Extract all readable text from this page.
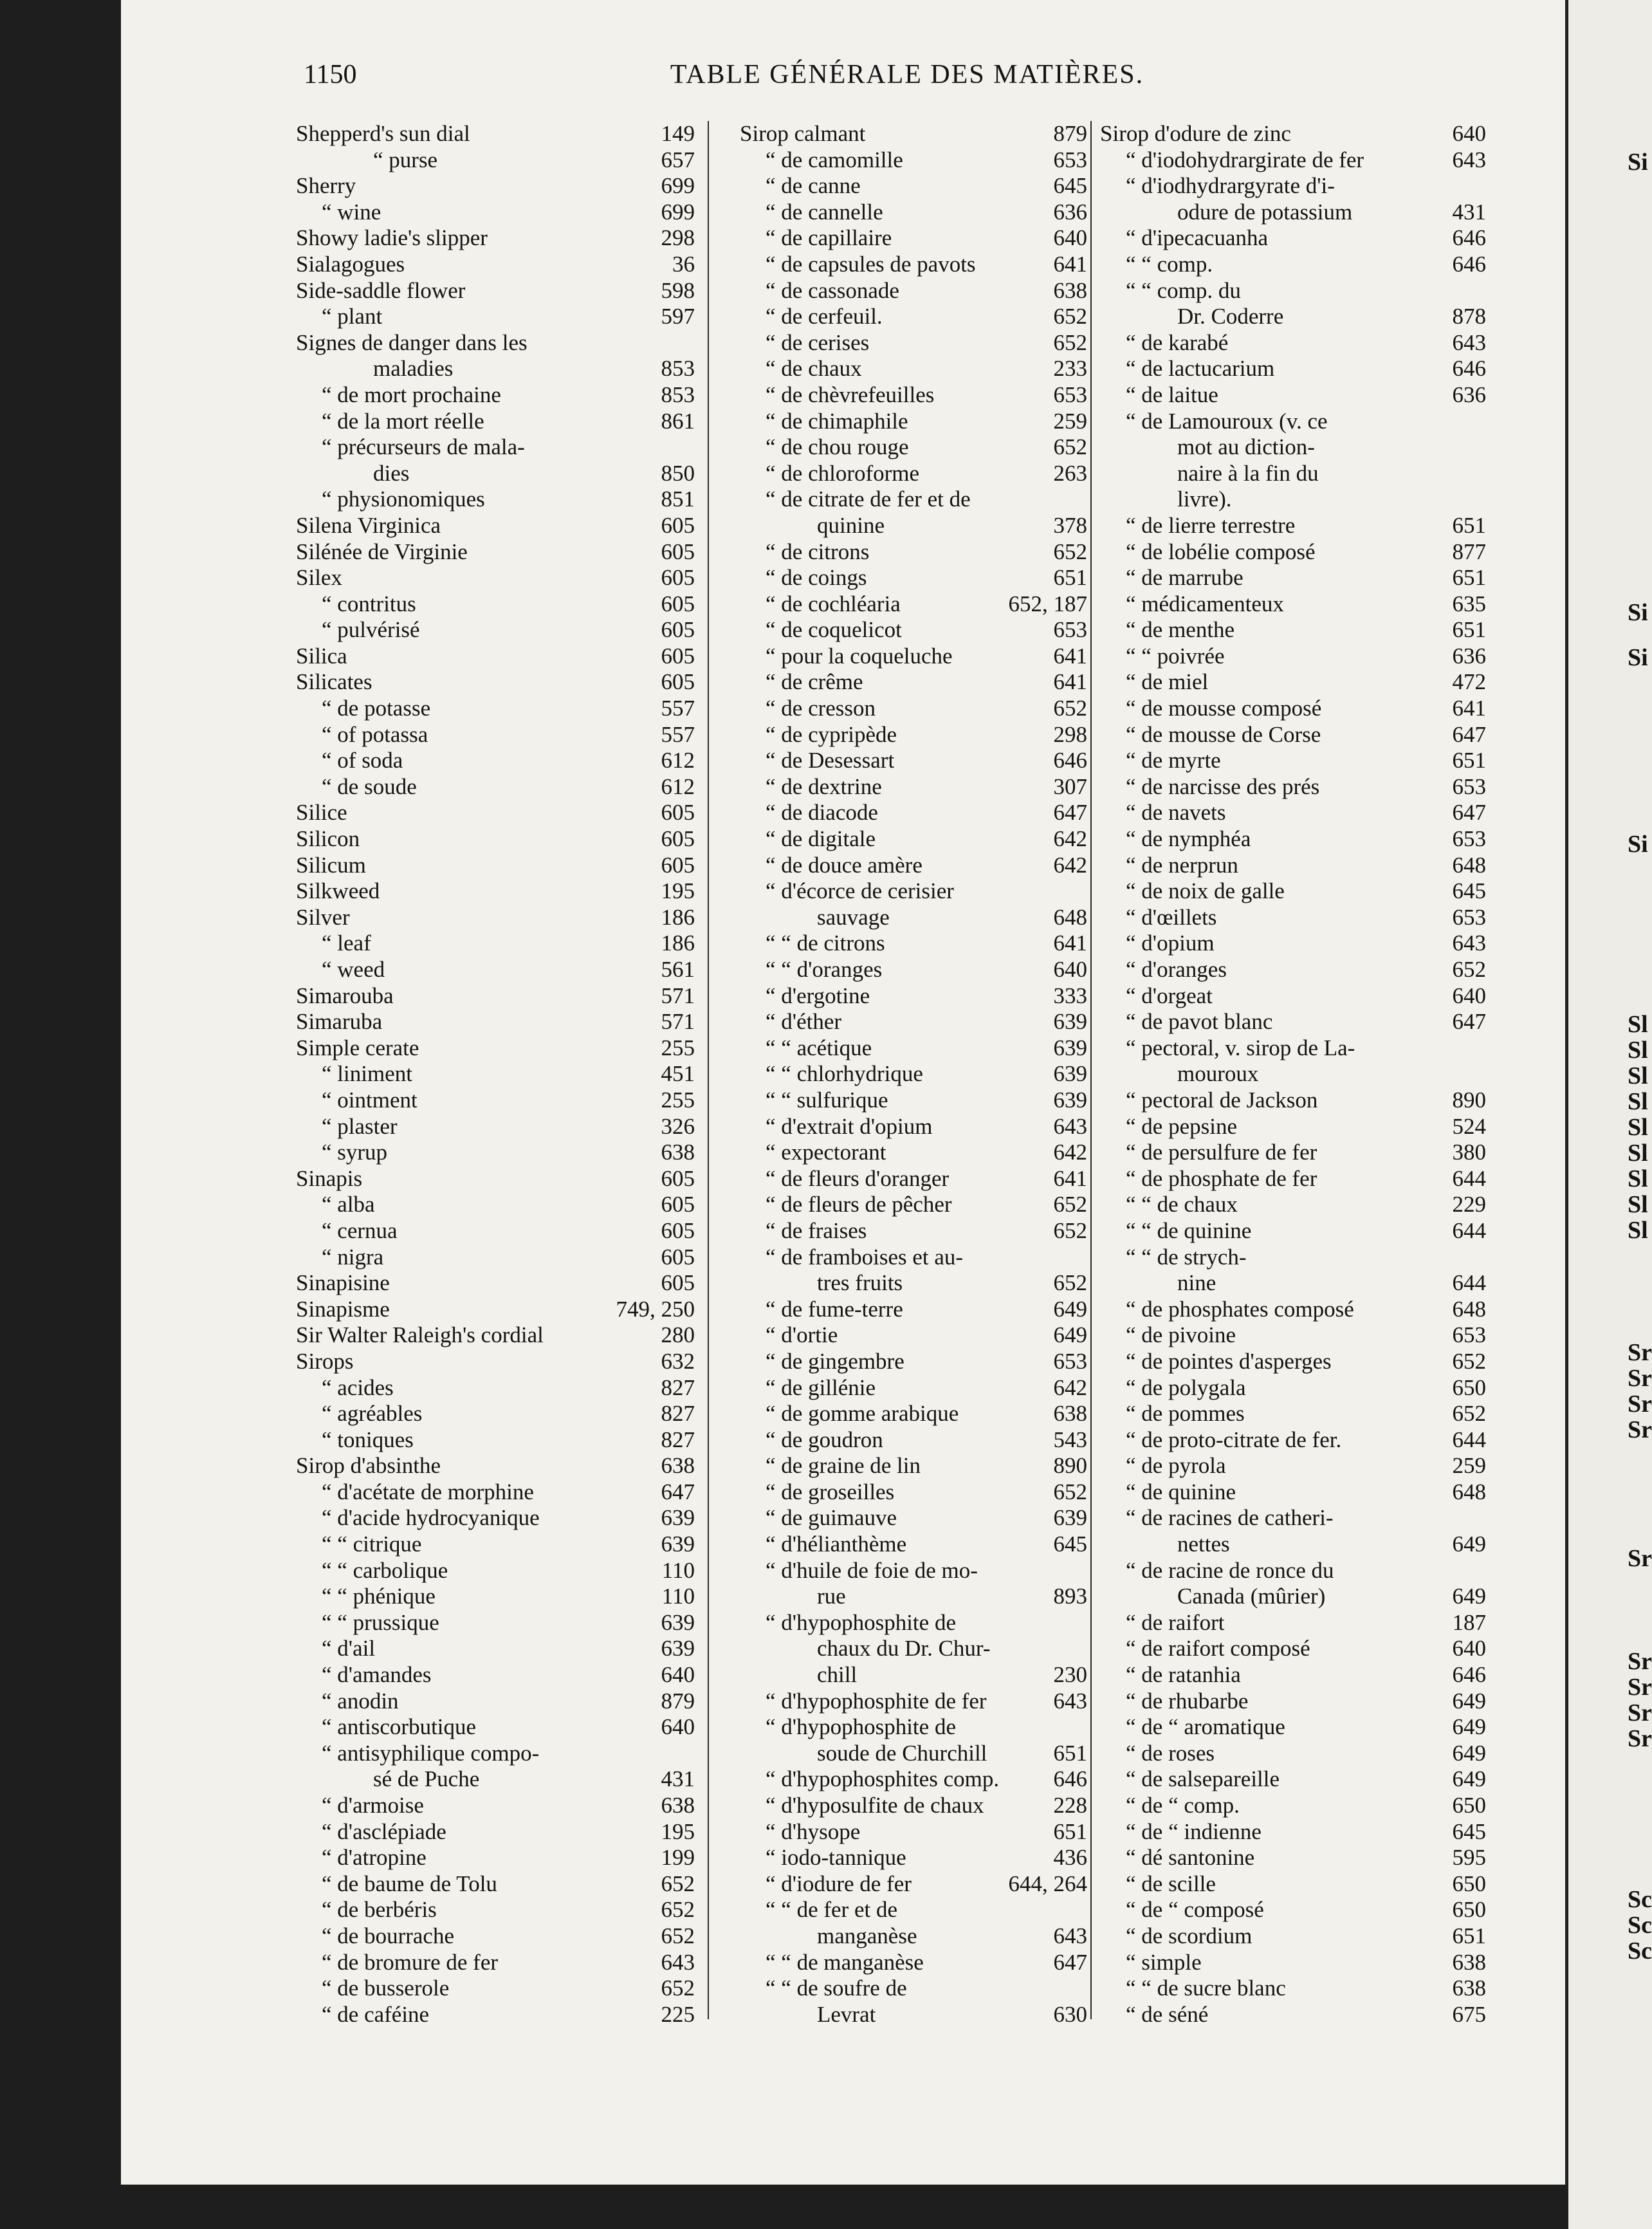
Si
Si
Si
Si
Sl
Sl
Sl
Sl
Sl
Sl
Sl
Sl
Sl
Sr
Sr
Sr
Sr
Sr
Sr
Sr
Sr
Sr
Sc
Sc
Sc
1150	TABLE GÉNÉRALE DES MATIÈRES.
Shepperd's sun dial	149
“ purse	657
Sherry	699
“ wine	699
Showy ladie's slipper	298
Sialagogues	36
Side-saddle flower	598
“ plant	597
Signes de danger dans les
maladies	853
“ de mort prochaine	853
“ de la mort réelle	861
“ précurseurs de mala-
dies	850
“ physionomiques	851
Silena Virginica	605
Silénée de Virginie	605
Silex	605
“ contritus	605
“ pulvérisé	605
Silica	605
Silicates	605
“ de potasse	557
“ of potassa	557
“ of soda	612
“ de soude	612
Silice	605
Silicon	605
Silicum	605
Silkweed	195
Silver	186
“ leaf	186
“ weed	561
Simarouba	571
Simaruba	571
Simple cerate	255
“ liniment	451
“ ointment	255
“ plaster	326
“ syrup	638
Sinapis	605
“ alba	605
“ cernua	605
“ nigra	605
Sinapisine	605
Sinapisme	749, 250
Sir Walter Raleigh's cordial	280
Sirops	632
“ acides	827
“ agréables	827
“ toniques	827
Sirop d'absinthe	638
“ d'acétate de morphine	647
“ d'acide hydrocyanique	639
“ “ citrique	639
“ “ carbolique	110
“ “ phénique	110
“ “ prussique	639
“ d'ail	639
“ d'amandes	640
“ anodin	879
“ antiscorbutique	640
“ antisyphilique compo-
sé de Puche	431
“ d'armoise	638
“ d'asclépiade	195
“ d'atropine	199
“ de baume de Tolu	652
“ de berbéris	652
“ de bourrache	652
“ de bromure de fer	643
“ de busserole	652
“ de caféine	225
Sirop calmant	879
“ de camomille	653
“ de canne	645
“ de cannelle	636
“ de capillaire	640
“ de capsules de pavots	641
“ de cassonade	638
“ de cerfeuil.	652
“ de cerises	652
“ de chaux	233
“ de chèvrefeuilles	653
“ de chimaphile	259
“ de chou rouge	652
“ de chloroforme	263
“ de citrate de fer et de
quinine	378
“ de citrons	652
“ de coings	651
“ de cochléaria	652, 187
“ de coquelicot	653
“ pour la coqueluche	641
“ de crême	641
“ de cresson	652
“ de cypripède	298
“ de Desessart	646
“ de dextrine	307
“ de diacode	647
“ de digitale	642
“ de douce amère	642
“ d'écorce de cerisier
sauvage	648
“ “ de citrons	641
“ “ d'oranges	640
“ d'ergotine	333
“ d'éther	639
“ “ acétique	639
“ “ chlorhydrique	639
“ “ sulfurique	639
“ d'extrait d'opium	643
“ expectorant	642
“ de fleurs d'oranger	641
“ de fleurs de pêcher	652
“ de fraises	652
“ de framboises et au-
tres fruits	652
“ de fume-terre	649
“ d'ortie	649
“ de gingembre	653
“ de gillénie	642
“ de gomme arabique	638
“ de goudron	543
“ de graine de lin	890
“ de groseilles	652
“ de guimauve	639
“ d'hélianthème	645
“ d'huile de foie de mo-
rue	893
“ d'hypophosphite de
chaux du Dr. Chur-
chill	230
“ d'hypophosphite de fer	643
“ d'hypophosphite de
soude de Churchill	651
“ d'hypophosphites comp. 646
“ d'hyposulfite de chaux	228
“ d'hysope	651
“ iodo-tannique	436
“ d'iodure de fer	644, 264
“ “ de fer et de
manganèse	643
“ “ de manganèse	647
“ “ de soufre de
Levrat	630
Sirop d'odure de zinc	640
“ d'iodohydrargirate de fer	643
“ d'iodhydrargyrate d'i-
odure de potassium	431
“ d'ipecacuanha	646
“ “ comp.	646
“ “ comp. du
Dr. Coderre	878
“ de karabé	643
“ de lactucarium	646
“ de laitue	636
“ de Lamouroux (v. ce
mot au diction-
naire à la fin du
livre).
“ de lierre terrestre	651
“ de lobélie composé	877
“ de marrube	651
“ médicamenteux	635
“ de menthe	651
“ “ poivrée	636
“ de miel	472
“ de mousse composé	641
“ de mousse de Corse	647
“ de myrte	651
“ de narcisse des prés	653
“ de navets	647
“ de nymphéa	653
“ de nerprun	648
“ de noix de galle	645
“ d'œillets	653
“ d'opium	643
“ d'oranges	652
“ d'orgeat	640
“ de pavot blanc	647
“ pectoral, v. sirop de La-
mouroux
“ pectoral de Jackson	890
“ de pepsine	524
“ de persulfure de fer	380
“ de phosphate de fer	644
“ “ de chaux	229
“ “ de quinine	644
“ “ de strych-
nine	644
“ de phosphates composé	648
“ de pivoine	653
“ de pointes d'asperges	652
“ de polygala	650
“ de pommes	652
“ de proto-citrate de fer.	644
“ de pyrola	259
“ de quinine	648
“ de racines de catheri-
nettes	649
“ de racine de ronce du
Canada (mûrier)	649
“ de raifort	187
“ de raifort composé	640
“ de ratanhia	646
“ de rhubarbe	649
“ de “ aromatique	649
“ de roses	649
“ de salsepareille	649
“ de “ comp.	650
“ de “ indienne	645
“ dé santonine	595
“ de scille	650
“ de “ composé	650
“ de scordium	651
“ simple	638
“ “ de sucre blanc	638
“ de séné	675
